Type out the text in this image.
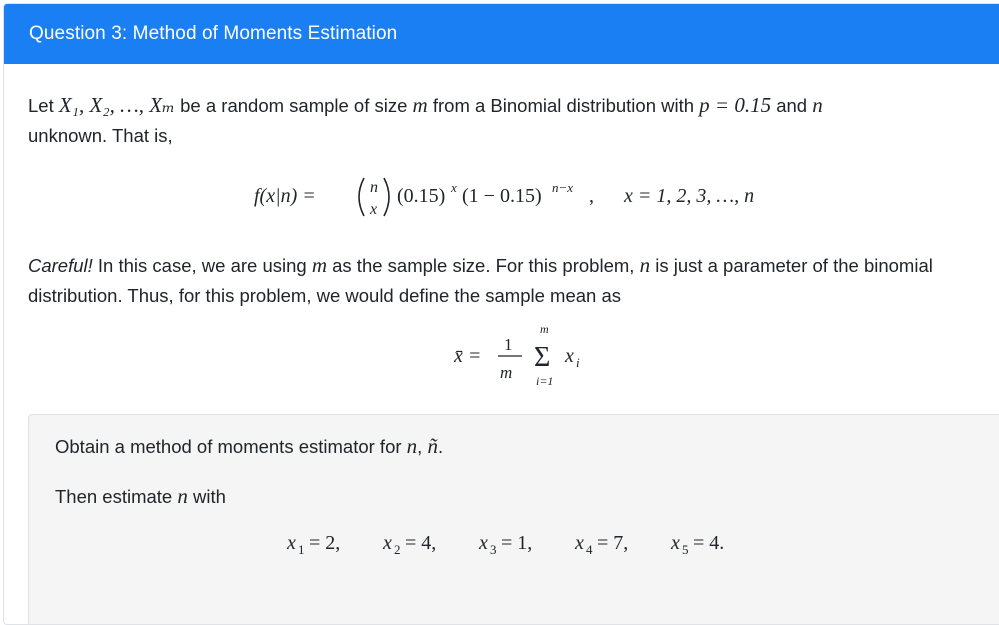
Question 3: Method of Moments Estimation
Let X₁, X₂, …, Xₘ be a random sample of size m from a Binomial distribution with p = 0.15 and n
unknown. That is,
f(x|n) =	n
x
(0.15) x (1 − 0.15) n−x , x = 1, 2, 3, …, n
Careful! In this case, we are using m as the sample size. For this problem, n is just a parameter of the binomial
distribution. Thus, for this problem, we would define the sample mean as
x̄ =
1
m
m
Σ
i=1
x i
Obtain a method of moments estimator for n, ñ.
Then estimate n with
x 1 = 2, x 2 = 4, x 3 = 1, x 4 = 7, x 5 = 4.
